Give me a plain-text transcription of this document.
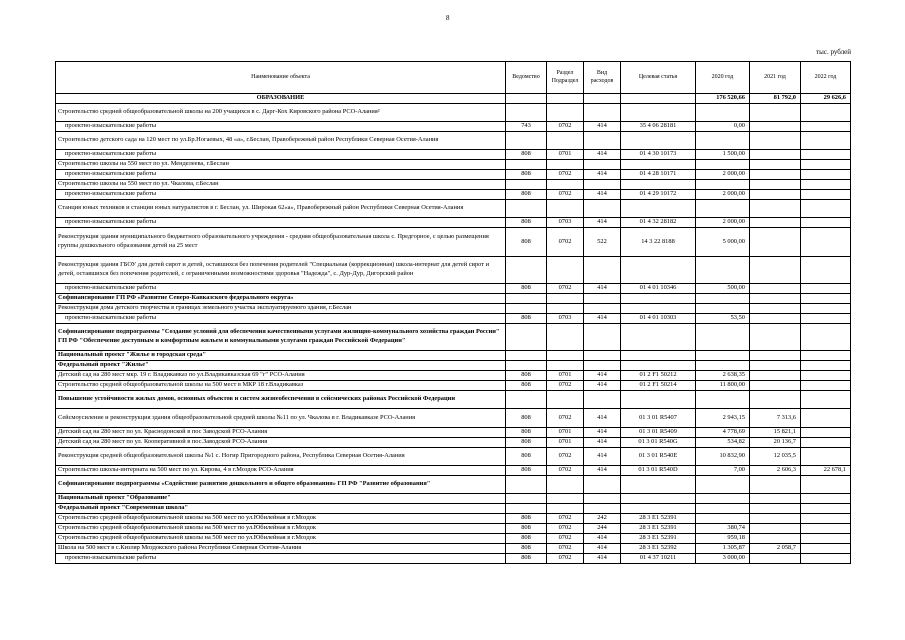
8
тыс. рублей
Наименование объекта	Ведомство	Раздел Подраздел	Вид расходов	Целевая статья	2020 год	2021 год	2022 год
ОБРАЗОВАНИЕ					176 520,66	81 792,0	29 626,6
Строительство средней общеобразовательной школы на 200 учащихся в с. Дарг-Кох Кировского района РСО-Алания²							
проектно-изыскательские работы	743	0702	414	35 4 06 28181	0,00		
Строительство детского сада на 120 мест по ул.Бр.Ногаевых, 48 «а», г.Беслан, Правобережный район Республики Северная Осетия-Алания							
проектно-изыскательские работы	808	0701	414	01 4 30 10173	1 500,00		
Строительство школы на 550 мест по ул. Менделеева, г.Беслан							
проектно-изыскательские работы	808	0702	414	01 4 28 10171	2 000,00		
Строительство школы на 550 мест по ул. Чкалова, г.Беслан							
проектно-изыскательские работы	808	0702	414	01 4 29 10172	2 000,00		
Станция юных техников и станции юных натуралистов в г. Беслан, ул. Широкая 62«а», Правобережный район Республики Северная Осетия-Алания							
проектно-изыскательские работы	808	0703	414	01 4 32 28182	2 000,00		
Реконструкция здания муниципального бюджетного образовательного учреждения - средняя общеобразовательная школа с. Предгорное, с целью размещения группы дошкольного образования детей на 25 мест	808	0702	522	14 3 22 8188	5 000,00		
Реконструкция здания ГБОУ для детей сирот и детей, оставшихся без попечения родителей "Специальная (коррекционная) школа-интернат для детей сирот и детей, оставшихся без попечения родителей, с ограниченными возможностями здоровья "Надежда", с. Дур-Дур, Дигорский район							
проектно-изыскательские работы	808	0702	414	01 4 01 10346	500,00		
Софинансирование ГП РФ «Развитие Северо-Кавказского федерального округа»							
Реконструкция дома детского творчества в границах земельного участка эксплуатируемого здания, г.Беслан							
проектно-изыскательские работы	808	0703	414	01 4 01 10303	53,50		
Софинансирование подпрограммы "Создание условий для обеспечения качественными услугами жилищно-коммунального хозяйства граждан России" ГП РФ "Обеспечение доступным и комфортным жильем и коммунальными услугами граждан Российской Федерации"							
Национальный проект "Жилье и городская среда"							
Федеральный проект "Жилье"							
Детский сад на 280 мест мкр. 19 г. Владикавказ по ул.Владикавказская 69 "г" РСО-Алания	808	0701	414	01 2 F1 50212	2 638,35		
Строительство средней общеобразовательной школы на 500 мест в МКР 18 г.Владикавказ	808	0702	414	01 2 F1 50214	11 800,00		
Повышение устойчивости жилых домов, основных объектов и систем жизнеобеспечения в сейсмических районах Российской Федерации							
Сейсмоусиление и реконструкция здания общеобразовательной средней школы №11 по ул. Чкалова в г. Владикавказе РСО-Алания	808	0702	414	01 3 01 R5407	2 943,15	7 313,6	
Детский сад на 280 мест по ул. Краснодонской в пос Заводской РСО-Алания	808	0701	414	01 3 01 R5409	4 778,69	15 821,1	
Детский сад на 280 мест по ул. Кооперативной в пос.Заводской РСО-Алания	808	0701	414	01 3 01 R540G	534,82	20 136,7	
Реконструкция средней общеобразовательной школы №1 с. Ногир Пригородного района, Республика Северная Осетия-Алания	808	0702	414	01 3 01 R540E	10 832,90	12 035,5	
Строительство школы-интерната на 500 мест по ул. Кирова, 4 в г.Моздок РСО-Алания	808	0702	414	01 3 01 R540D	7,00	2 606,3	22 678,1
Софинансирование подпрограммы «Содействие развитию дошкольного и общего образования» ГП РФ "Развитие образования"							
Национальный проект "Образование"							
Федеральный проект "Современная школа"							
Строительство средней общеобразовательной школы на 500 мест по ул.Юбилейная в г.Моздок	808	0702	242	28 3 E1 52391			
Строительство средней общеобразовательной школы на 500 мест по ул.Юбилейная в г.Моздок	808	0702	244	28 3 E1 52391	380,74		
Строительство средней общеобразовательной школы на 500 мест по ул.Юбилейная в г.Моздок	808	0702	414	28 3 E1 52391	959,18		
Школа на 500 мест в с.Кизляр Моздокского района Республики Северная Осетия-Алания	808	0702	414	28 3 E1 52392	1 305,87	2 058,7	
проектно-изыскательские работы	808	0702	414	01 4 37 10211	3 000,00		
